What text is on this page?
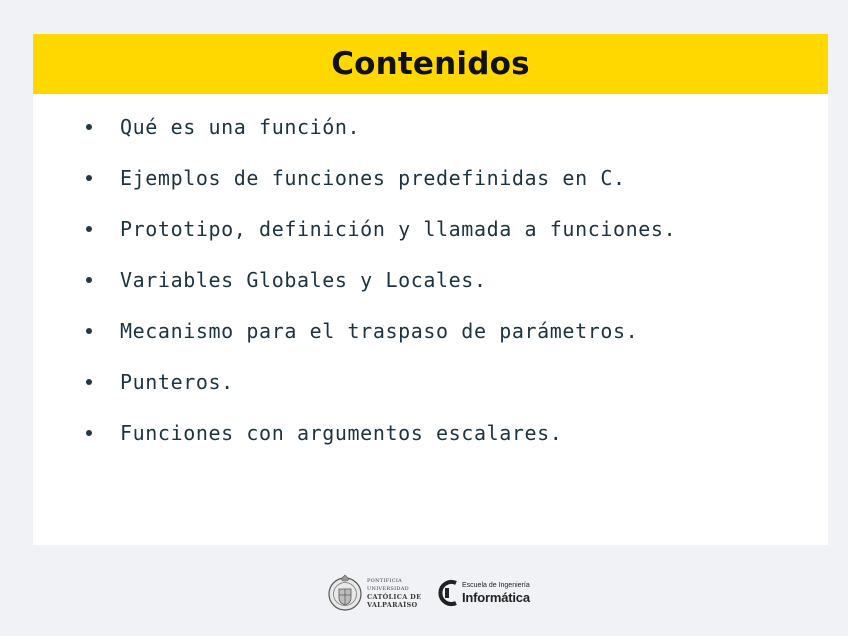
Contenidos
Qué es una función.
Ejemplos de funciones predefinidas en C.
Prototipo, definición y llamada a funciones.
Variables Globales y Locales.
Mecanismo para el traspaso de parámetros.
Punteros.
Funciones con argumentos escalares.
PONTIFICIA
UNIVERSIDAD
CATÓLICA DE
VALPARAÍSO
Escuela de Ingeniería
Informática
